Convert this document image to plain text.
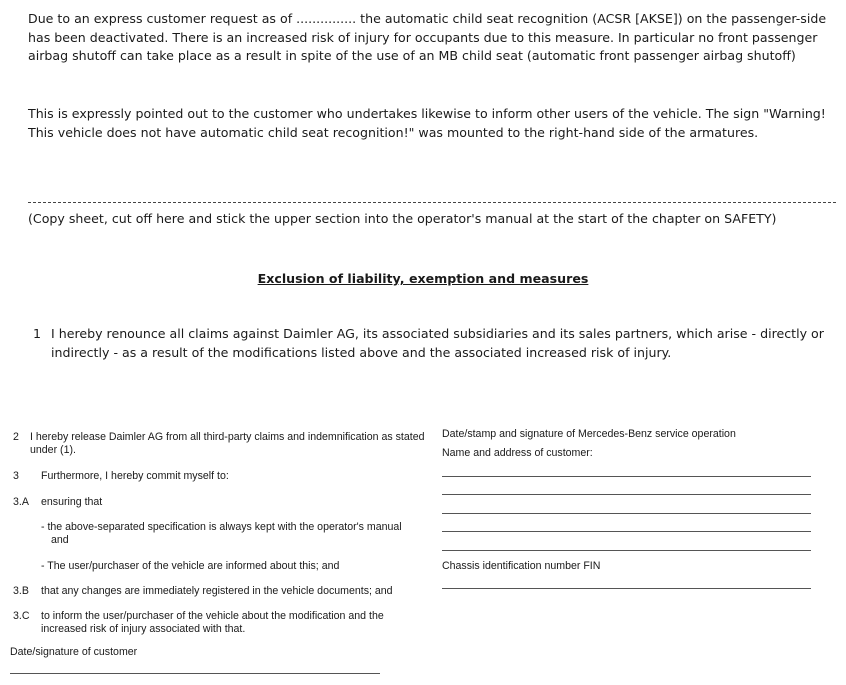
Due to an express customer request as of ............... the automatic child seat recognition (ACSR [AKSE]) on the passenger-side has been deactivated. There is an increased risk of injury for occupants due to this measure. In particular no front passenger airbag shutoff can take place as a result in spite of the use of an MB child seat (automatic front passenger airbag shutoff)
This is expressly pointed out to the customer who undertakes likewise to inform other users of the vehicle. The sign "Warning! This vehicle does not have automatic child seat recognition!" was mounted to the right-hand side of the armatures.
(Copy sheet, cut off here and stick the upper section into the operator's manual at the start of the chapter on SAFETY)
Exclusion of liability, exemption and measures
1 I hereby renounce all claims against Daimler AG, its associated subsidiaries and its sales partners, which arise - directly or indirectly - as a result of the modifications listed above and the associated increased risk of injury.
2 I hereby release Daimler AG from all third-party claims and indemnification as stated under (1).
3 Furthermore, I hereby commit myself to:
3.A ensuring that
- the above-separated specification is always kept with the operator's manual and
- The user/purchaser of the vehicle are informed about this; and
3.B that any changes are immediately registered in the vehicle documents; and
3.C to inform the user/purchaser of the vehicle about the modification and the increased risk of injury associated with that.
Date/signature of customer
Date/stamp and signature of Mercedes-Benz service operation
Name and address of customer:
Chassis identification number FIN
